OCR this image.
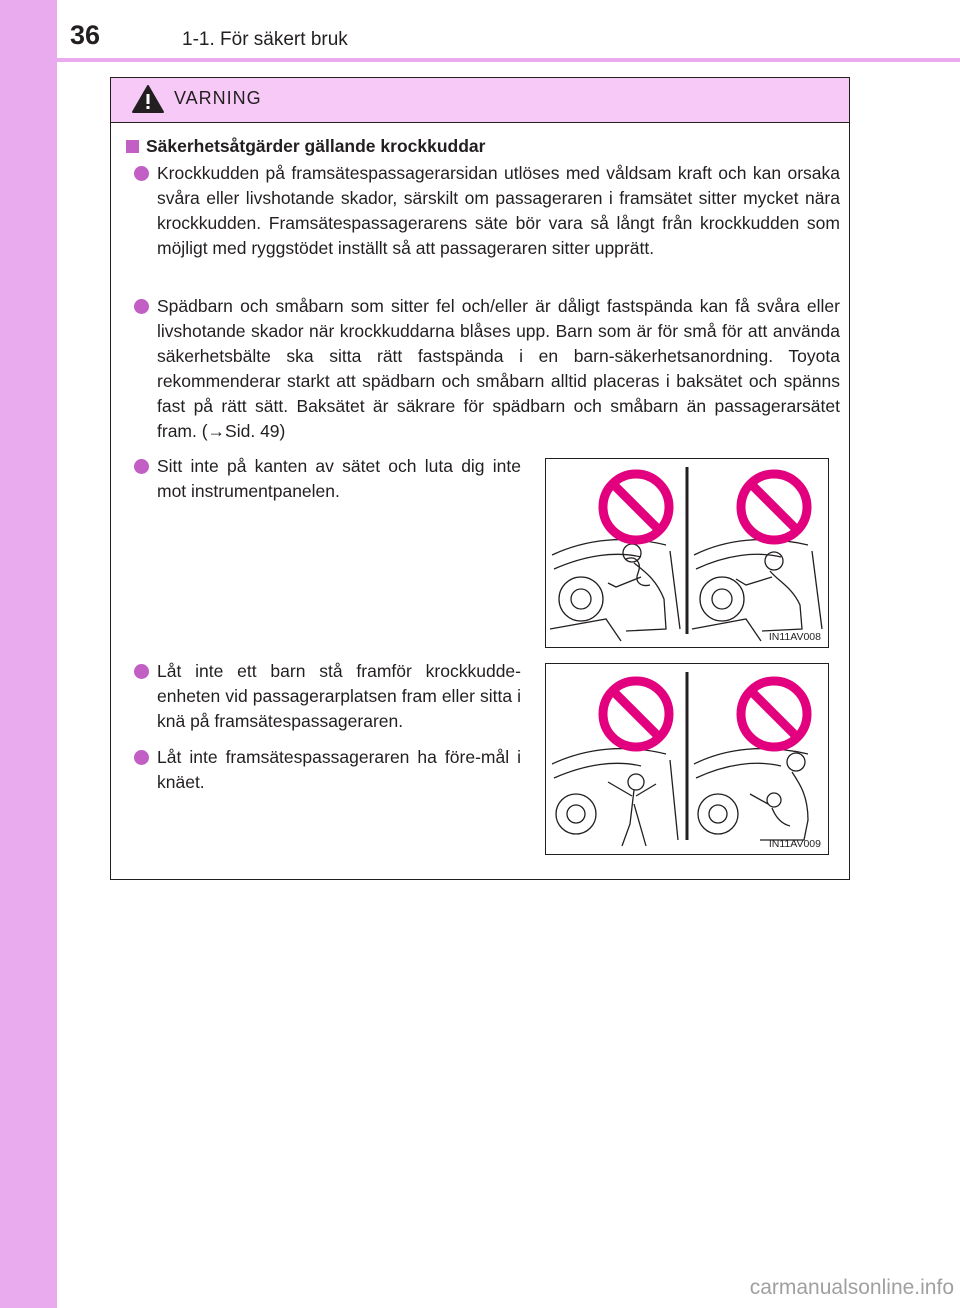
36	1-1. För säkert bruk
VARNING
Säkerhetsåtgärder gällande krockkuddar
Krockkudden på framsätespassagerarsidan utlöses med våldsam kraft och kan orsaka svåra eller livshotande skador, särskilt om passageraren i framsätet sitter mycket nära krockkudden. Framsätespassagerarens säte bör vara så långt från krockkudden som möjligt med ryggstödet inställt så att passageraren sitter upprätt.
Spädbarn och småbarn som sitter fel och/eller är dåligt fastspända kan få svåra eller livshotande skador när krockkuddarna blåses upp. Barn som är för små för att använda säkerhetsbälte ska sitta rätt fastspända i en barn-säkerhetsanordning. Toyota rekommenderar starkt att spädbarn och småbarn alltid placeras i baksätet och spänns fast på rätt sätt. Baksätet är säkrare för spädbarn och småbarn än passagerarsätet fram. (→Sid. 49)
Sitt inte på kanten av sätet och luta dig inte mot instrumentpanelen.
Låt inte ett barn stå framför krockkudde-enheten vid passagerarplatsen fram eller sitta i knä på framsätespassageraren.
Låt inte framsätespassageraren ha före-mål i knäet.
IN11AV008
IN11AV009
carmanualsonline.info
